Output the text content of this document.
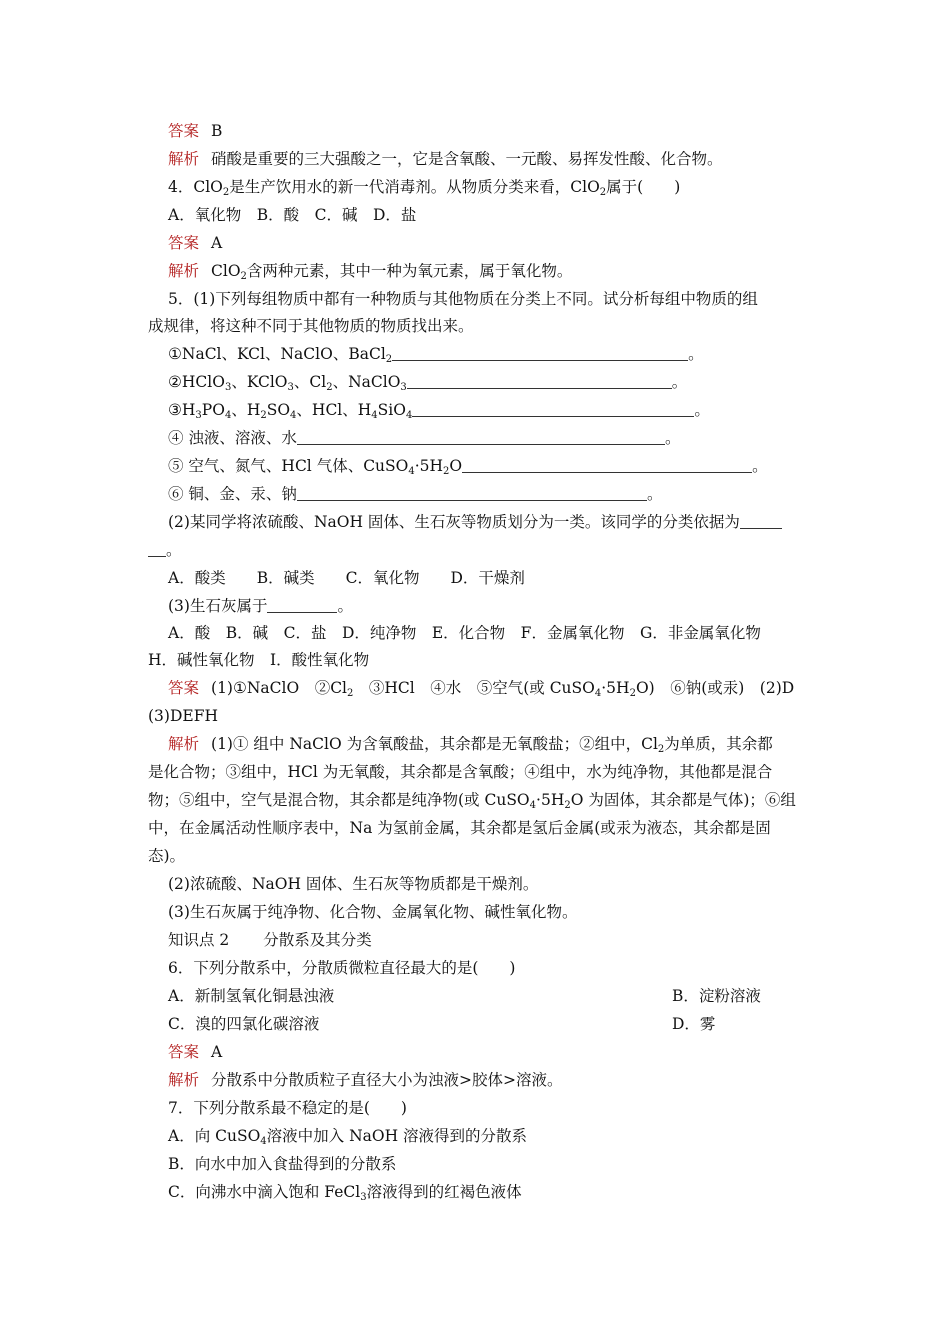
答案 B
解析 硝酸是重要的三大强酸之一，它是含氧酸、一元酸、易挥发性酸、化合物。
4．ClO$_2$是生产饮用水的新一代消毒剂。从物质分类来看，ClO$_2$属于(　　)
A．氧化物　B．酸　C．碱　D．盐
答案 A
解析 ClO$_2$含两种元素，其中一种为氧元素，属于氧化物。
5．(1)下列每组物质中都有一种物质与其他物质在分类上不同。试分析每组中物质的组
成规律，将这种不同于其他物质的物质找出来。
①NaCl、KCl、NaClO、BaCl$_2$	。
②HClO$_3$、KClO$_3$、$Cl_2$、NaClO$_3$	。
$③H_3PO_4$、$H_2SO_4$、HCl、$H_4SiO_4$	。
④ 浊液、溶液、水	。
⑤ 空气、氮气、HCl 气体、$CuSO_4\cdot 5H_2O$	。
⑥ 铜、金、汞、钠	。
(2)某同学将浓硫酸、NaOH 固体、生石灰等物质划分为一类。该同学的分类依据为
。
A．酸类　　B．碱类　　C．氧化物　　D．干燥剂
(3)生石灰属于	。
A．酸　B．碱　C．盐　D．纯净物　E．化合物　F．金属氧化物　G．非金属氧化物
H．碱性氧化物　I．酸性氧化物
答案 (1)①NaClO　$②Cl_2$　③HCl　④水　⑤空气(或 $CuSO_4\cdot 5H_2O$)　⑥钠(或汞)　(2)D
(3)DEFH
解析 (1)① 组中 NaClO 为含氧酸盐，其余都是无氧酸盐；②组中，$Cl_2$为单质，其余都
是化合物；③组中，HCl 为无氧酸，其余都是含氧酸；④组中，水为纯净物，其他都是混合
物；⑤组中，空气是混合物，其余都是纯净物(或 $CuSO_4\cdot 5H_2O$ 为固体，其余都是气体)；⑥组
中，在金属活动性顺序表中，Na 为氢前金属，其余都是氢后金属(或汞为液态，其余都是固
态)。
(2)浓硫酸、NaOH 固体、生石灰等物质都是干燥剂。
(3)生石灰属于纯净物、化合物、金属氧化物、碱性氧化物。
知识点 2 分散系及其分类
6．下列分散系中，分散质微粒直径最大的是(　　)
A．新制氢氧化铜悬浊液	B．淀粉溶液
C．溴的四氯化碳溶液	D．雾
答案 A
解析 分散系中分散质粒子直径大小为浊液>胶体>溶液。
7．下列分散系最不稳定的是(　　)
A．向 CuSO$_4$溶液中加入 NaOH 溶液得到的分散系
B．向水中加入食盐得到的分散系
C．向沸水中滴入饱和 FeCl$_3$溶液得到的红褐色液体
